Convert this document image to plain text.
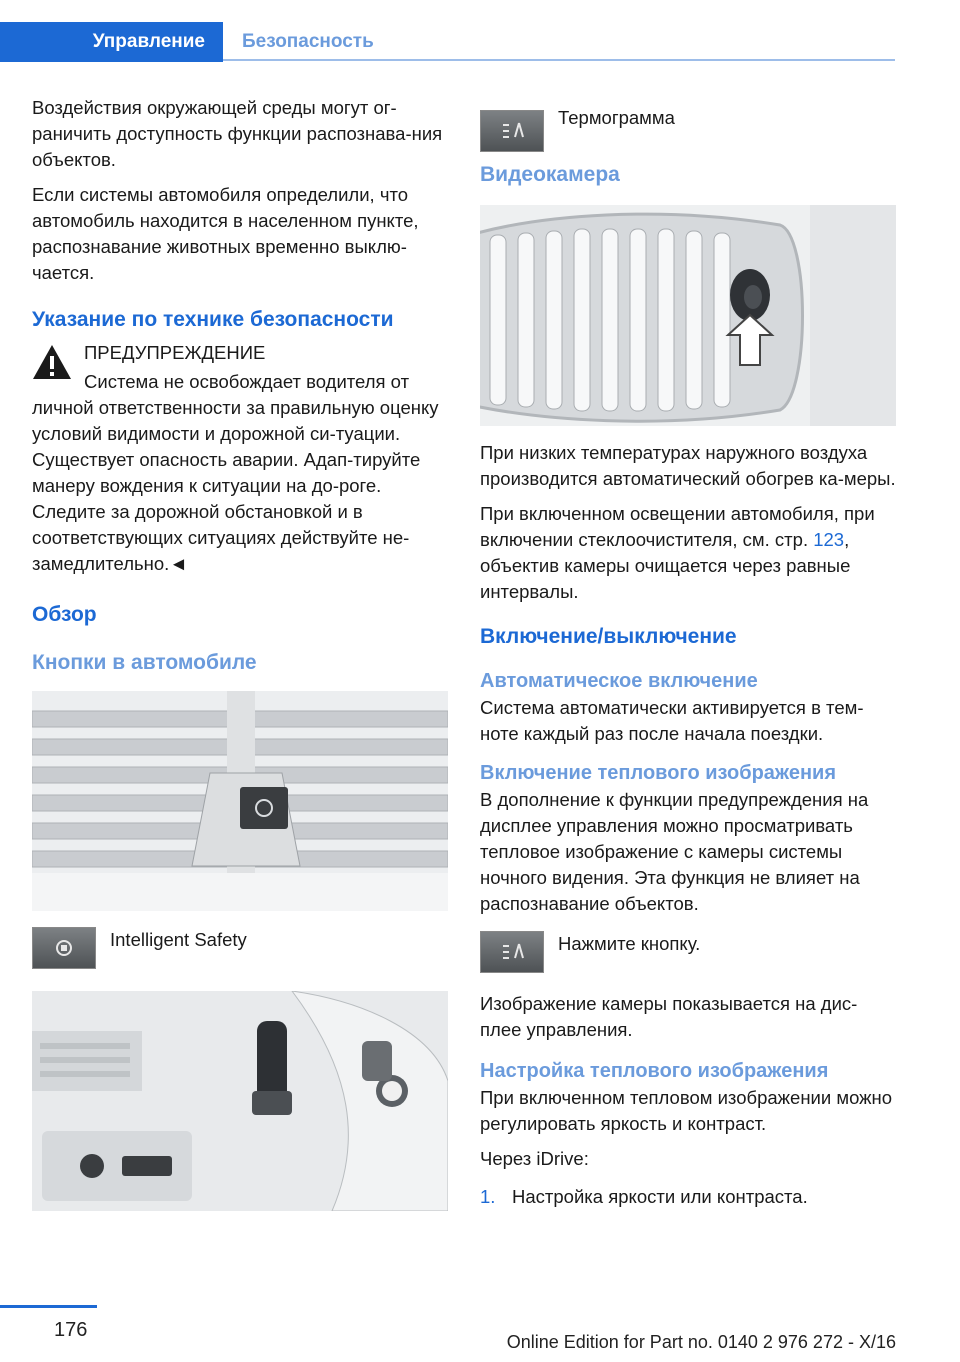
Управление Безопасность
Воздействия окружающей среды могут ог-раничить доступность функции распознава-ния объектов.
Если системы автомобиля определили, что автомобиль находится в населенном пункте, распознавание животных временно выклю-чается.
Указание по технике безопасности
ПРЕДУПРЕЖДЕНИЕ
Система не освобождает водителя от
личной ответственности за правильную оценку условий видимости и дорожной си-туации. Существует опасность аварии. Адап-тируйте манеру вождения к ситуации на до-роге. Следите за дорожной обстановкой и в соответствующих ситуациях действуйте не-замедлительно.◄
Обзор
Кнопки в автомобиле
Intelligent Safety
Термограмма
Видеокамера
При низких температурах наружного воздуха производится автоматический обогрев ка-меры.
При включенном освещении автомобиля, при включении стеклоочистителя, см. стр. 123, объектив камеры очищается через равные интервалы.
Включение/выключение
Автоматическое включение
Система автоматически активируется в тем-ноте каждый раз после начала поездки.
Включение теплового изображения
В дополнение к функции предупреждения на дисплее управления можно просматривать тепловое изображение с камеры системы ночного видения. Эта функция не влияет на распознавание объектов.
Нажмите кнопку.
Изображение камеры показывается на дис-плее управления.
Настройка теплового изображения
При включенном тепловом изображении можно регулировать яркость и контраст.
Через iDrive:
1. Настройка яркости или контраста.
176
Online Edition for Part no. 0140 2 976 272 - X/16
